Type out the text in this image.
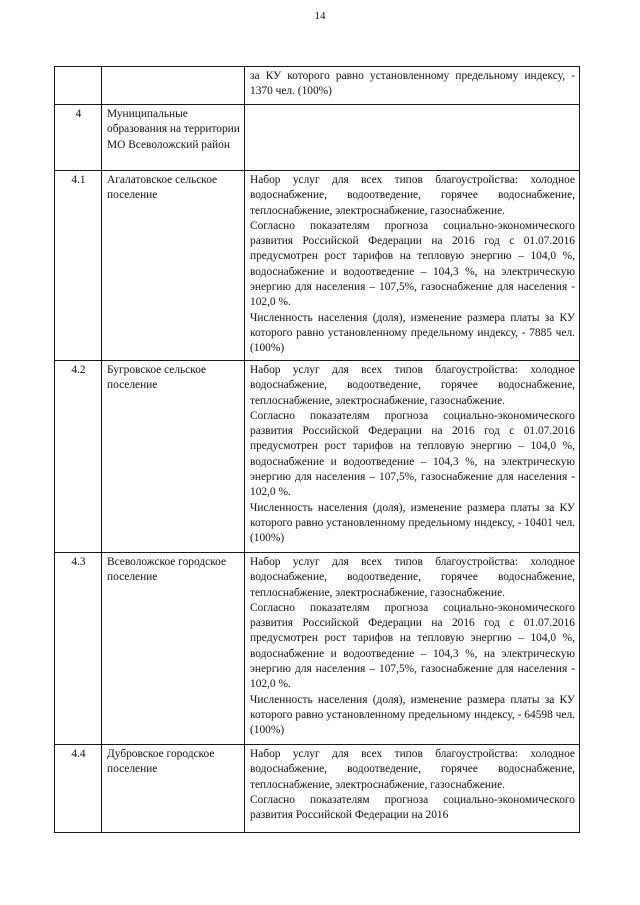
14

		за КУ которого равно установленному предельному индексу, - 1370 чел. (100%)

4	Муниципальные образования на территории МО Всеволожский район	
4.1	Агалатовское сельское поселение	Набор услуг для всех типов благоустройства: холодное водоснабжение, водоотведение, горячее водоснабжение, теплоснабжение, электроснабжение, газоснабжение.
Согласно показателям прогноза социально-экономического развития Российской Федерации на 2016 год с 01.07.2016 предусмотрен рост тарифов на тепловую энергию – 104,0 %, водоснабжение и водоотведение – 104,3 %, на электрическую энергию для населения – 107,5%, газоснабжение для населения - 102,0 %.
Численность населения (доля), изменение размера платы за КУ которого равно установленному предельному индексу, - 7885 чел. (100%)

4.2	Бугровское сельское поселение	Набор услуг для всех типов благоустройства: холодное водоснабжение, водоотведение, горячее водоснабжение, теплоснабжение, электроснабжение, газоснабжение.
Согласно показателям прогноза социально-экономического развития Российской Федерации на 2016 год с 01.07.2016 предусмотрен рост тарифов на тепловую энергию – 104,0 %, водоснабжение и водоотведение – 104,3 %, на электрическую энергию для населения – 107,5%, газоснабжение для населения - 102,0 %.
Численность населения (доля), изменение размера платы за КУ которого равно установленному предельному индексу, - 10401 чел. (100%)

4.3	Всеволожское городское поселение	Набор услуг для всех типов благоустройства: холодное водоснабжение, водоотведение, горячее водоснабжение, теплоснабжение, электроснабжение, газоснабжение.
Согласно показателям прогноза социально-экономического развития Российской Федерации на 2016 год с 01.07.2016 предусмотрен рост тарифов на тепловую энергию – 104,0 %, водоснабжение и водоотведение – 104,3 %, на электрическую энергию для населения – 107,5%, газоснабжение для населения - 102,0 %.
Численность населения (доля), изменение размера платы за КУ которого равно установленному предельному индексу, - 64598 чел. (100%)

4.4	Дубровское городское поселение	Набор услуг для всех типов благоустройства: холодное водоснабжение, водоотведение, горячее водоснабжение, теплоснабжение, электроснабжение, газоснабжение.
Согласно показателям прогноза социально-экономического развития Российской Федерации на 2016
